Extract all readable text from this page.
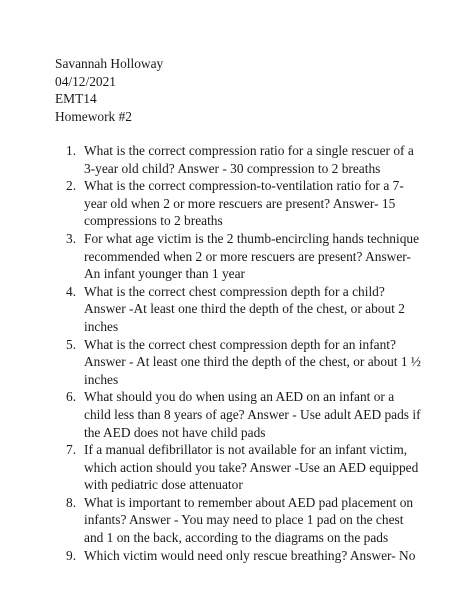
Savannah Holloway
04/12/2021
EMT14
Homework #2
1. What is the correct compression ratio for a single rescuer of a
3-year old child? Answer - 30 compression to 2 breaths
2. What is the correct compression-to-ventilation ratio for a 7-
year old when 2 or more rescuers are present? Answer- 15
compressions to 2 breaths
3. For what age victim is the 2 thumb-encircling hands technique
recommended when 2 or more rescuers are present? Answer-
An infant younger than 1 year
4. What is the correct chest compression depth for a child?
Answer -At least one third the depth of the chest, or about 2
inches
5. What is the correct chest compression depth for an infant?
Answer - At least one third the depth of the chest, or about 1 ½
inches
6. What should you do when using an AED on an infant or a
child less than 8 years of age? Answer - Use adult AED pads if
the AED does not have child pads
7. If a manual defibrillator is not available for an infant victim,
which action should you take? Answer -Use an AED equipped
with pediatric dose attenuator
8. What is important to remember about AED pad placement on
infants? Answer - You may need to place 1 pad on the chest
and 1 on the back, according to the diagrams on the pads
9. Which victim would need only rescue breathing? Answer- No
